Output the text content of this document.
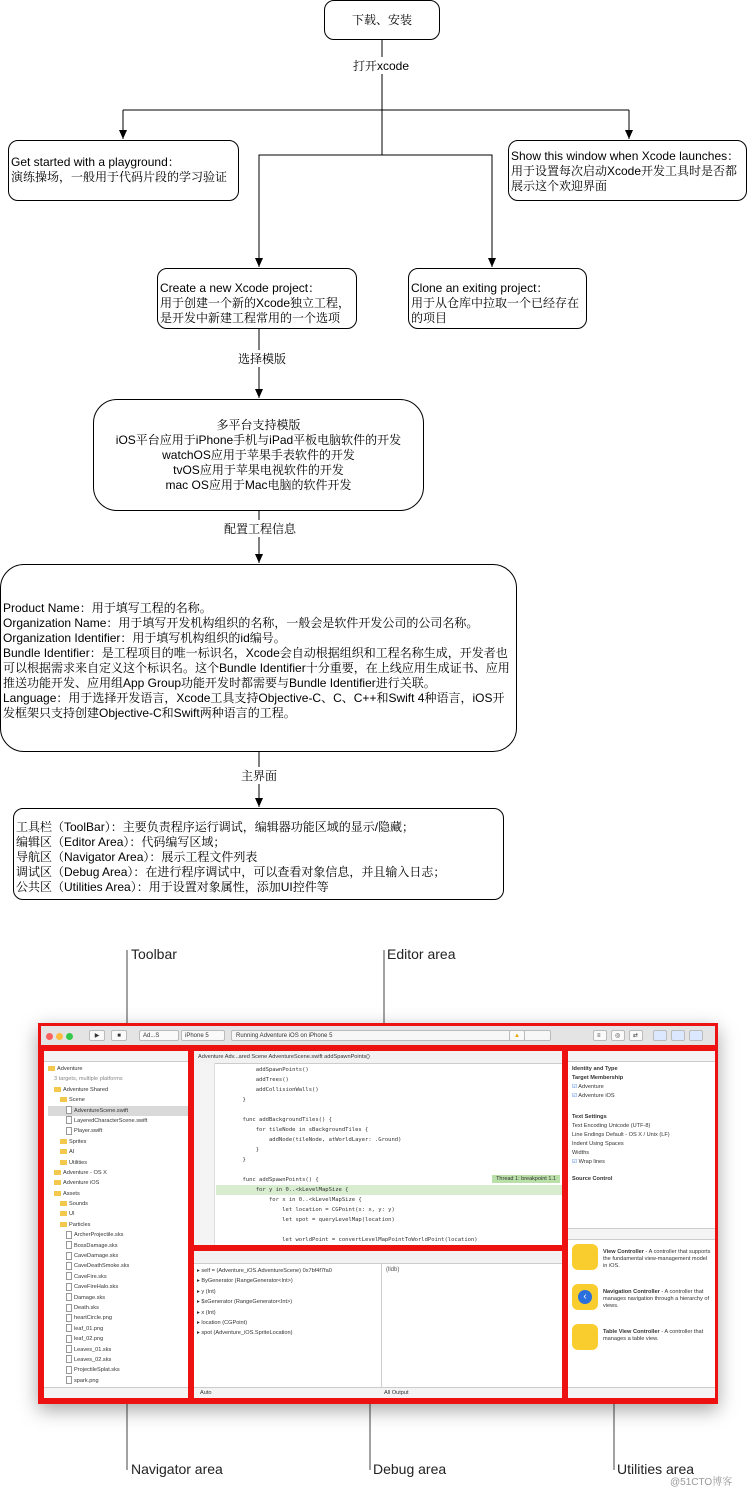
下载、安装
打开xcode
Get started with a playground：
演练操场，一般用于代码片段的学习验证
Show this window when Xcode launches：
用于设置每次启动Xcode开发工具时是否都展示这个欢迎界面
Create a new Xcode project：
用于创建一个新的Xcode独立工程，是开发中新建工程常用的一个选项
Clone an exiting project：
用于从仓库中拉取一个已经存在的项目
选择模版
多平台支持模版
iOS平台应用于iPhone手机与iPad平板电脑软件的开发
watchOS应用于苹果手表软件的开发
tvOS应用于苹果电视软件的开发
mac OS应用于Mac电脑的软件开发
配置工程信息
Product Name：用于填写工程的名称。
Organization Name：用于填写开发机构组织的名称，一般会是软件开发公司的公司名称。
Organization Identifier：用于填写机构组织的id编号。
Bundle Identifier：是工程项目的唯一标识名，Xcode会自动根据组织和工程名称生成，开发者也可以根据需求来自定义这个标识名。这个Bundle Identifier十分重要，在上线应用生成证书、应用推送功能开发、应用组App Group功能开发时都需要与Bundle Identifier进行关联。
Language：用于选择开发语言，Xcode工具支持Objective-C、C、C++和Swift 4种语言，iOS开发框架只支持创建Objective-C和Swift两种语言的工程。
主界面
工具栏（ToolBar）：主要负责程序运行调试，编辑器功能区域的显示/隐藏；
编辑区（Editor Area）：代码编写区域；
导航区（Navigator Area）：展示工程文件列表
调试区（Debug Area）：在进行程序调试中，可以查看对象信息，并且输入日志；
公共区（Utilities Area）：用于设置对象属性，添加UI控件等
Toolbar	Editor area
Navigator area	Debug area	Utilities area
▶	■	Ad...S	iPhone 5	Running Adventure iOS on iPhone 5	▲	≡	◎	⇄
Adventure
3 targets, multiple platforms
Adventure Shared
Scene
AdventureScene.swift
LayeredCharacterScene.swift
Player.swift
Sprites
AI
Utilities
Adventure - OS X
Adventure iOS
Assets
Sounds
UI
Particles
ArcherProjectile.sks
BossDamage.sks
CaveDamage.sks
CaveDeathSmoke.sks
CaveFire.sks
CaveFireHalo.sks
Damage.sks
Death.sks
heartCircle.png
leaf_01.png
leaf_02.png
Leaves_01.sks
Leaves_02.sks
ProjectileSplat.sks
spark.png
Adventure Adv...ared Scene AdventureScene.swift addSpawnPoints()
addSpawnPoints()
addTrees()
addCollisionWalls()
}
func addBackgroundTiles() {
for tileNode in sBackgroundTiles {
addNode(tileNode, atWorldLayer: .Ground)
}
}
func addSpawnPoints() {
for y in 0..<kLevelMapSize {
for x in 0..<kLevelMapSize {
let location = CGPoint(x: x, y: y)
let spot = queryLevelMap(location)
let worldPoint = convertLevelMapPointToWorldPoint(location)
Thread 1: breakpoint 1.1
▸ self = (Adventure_iOS.AdventureScene) 0x7bf4f7fa0
▸ ByGenerator (RangeGenerator<Int>)
▸ y (Int)
▸ $xGenerator (RangeGenerator<Int>)
▸ x (Int)
▸ location (CGPoint)
▸ spot (Adventure_iOS.SpriteLocation)
(lldb)
Auto	All Output
Identity and Type
Target Membership
☑ Adventure
☑ Adventure iOS
Text Settings
Text Encoding Unicode (UTF-8)
Line Endings Default - OS X / Unix (LF)
Indent Using Spaces
Widths
☑ Wrap lines
Source Control
View Controller - A controller that supports the fundamental view-management model in iOS.
‹	Navigation Controller - A controller that manages navigation through a hierarchy of views.
Table View Controller - A controller that manages a table view.
@51CTO博客
